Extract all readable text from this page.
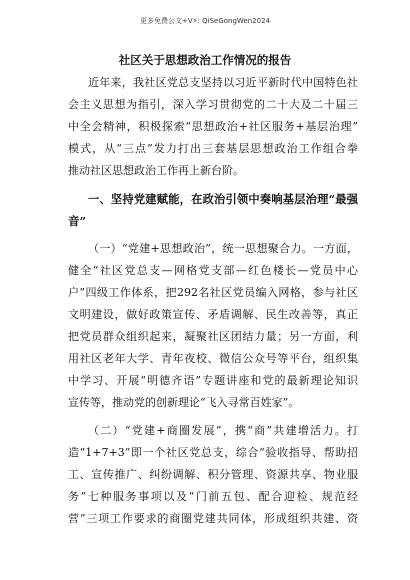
更多免费公文+V⚡: QiSeGongWen2024
社区关于思想政治工作情况的报告
近年来，我社区党总支坚持以习近平新时代中国特色社
会主义思想为指引，深入学习贯彻党的二十大及二十届三
中全会精神，积极探索“思想政治+社区服务+基层治理”
模式，从“三点”发力打出三套基层思想政治工作组合拳
推动社区思想政治工作再上新台阶。
一、坚持党建赋能，在政治引领中奏响基层治理“最强
音”
（一）“党建+思想政治”，统一思想聚合力。一方面，
健全“社区党总支—网格党支部—红色楼长—党员中心
户”四级工作体系，把292名社区党员编入网格，参与社区
文明建设，做好政策宣传、矛盾调解、民生改善等，真正
把党员群众组织起来，凝聚社区团结力量；另一方面，利
用社区老年大学、青年夜校、微信公众号等平台，组织集
中学习、开展“明德齐语”专题讲座和党的最新理论知识
宣传等，推动党的创新理论“飞入寻常百姓家”。
（二）“党建+商圈发展”，携“商”共建增活力。打
造“1+7+3”即一个社区党总支，综合“验收指导、帮助招
工、宣传推广、纠纷调解、积分管理、资源共享、物业服
务”七种服务事项以及“门前五包、配合迎检、规范经
营”三项工作要求的商圈党建共同体，形成组织共建、资
